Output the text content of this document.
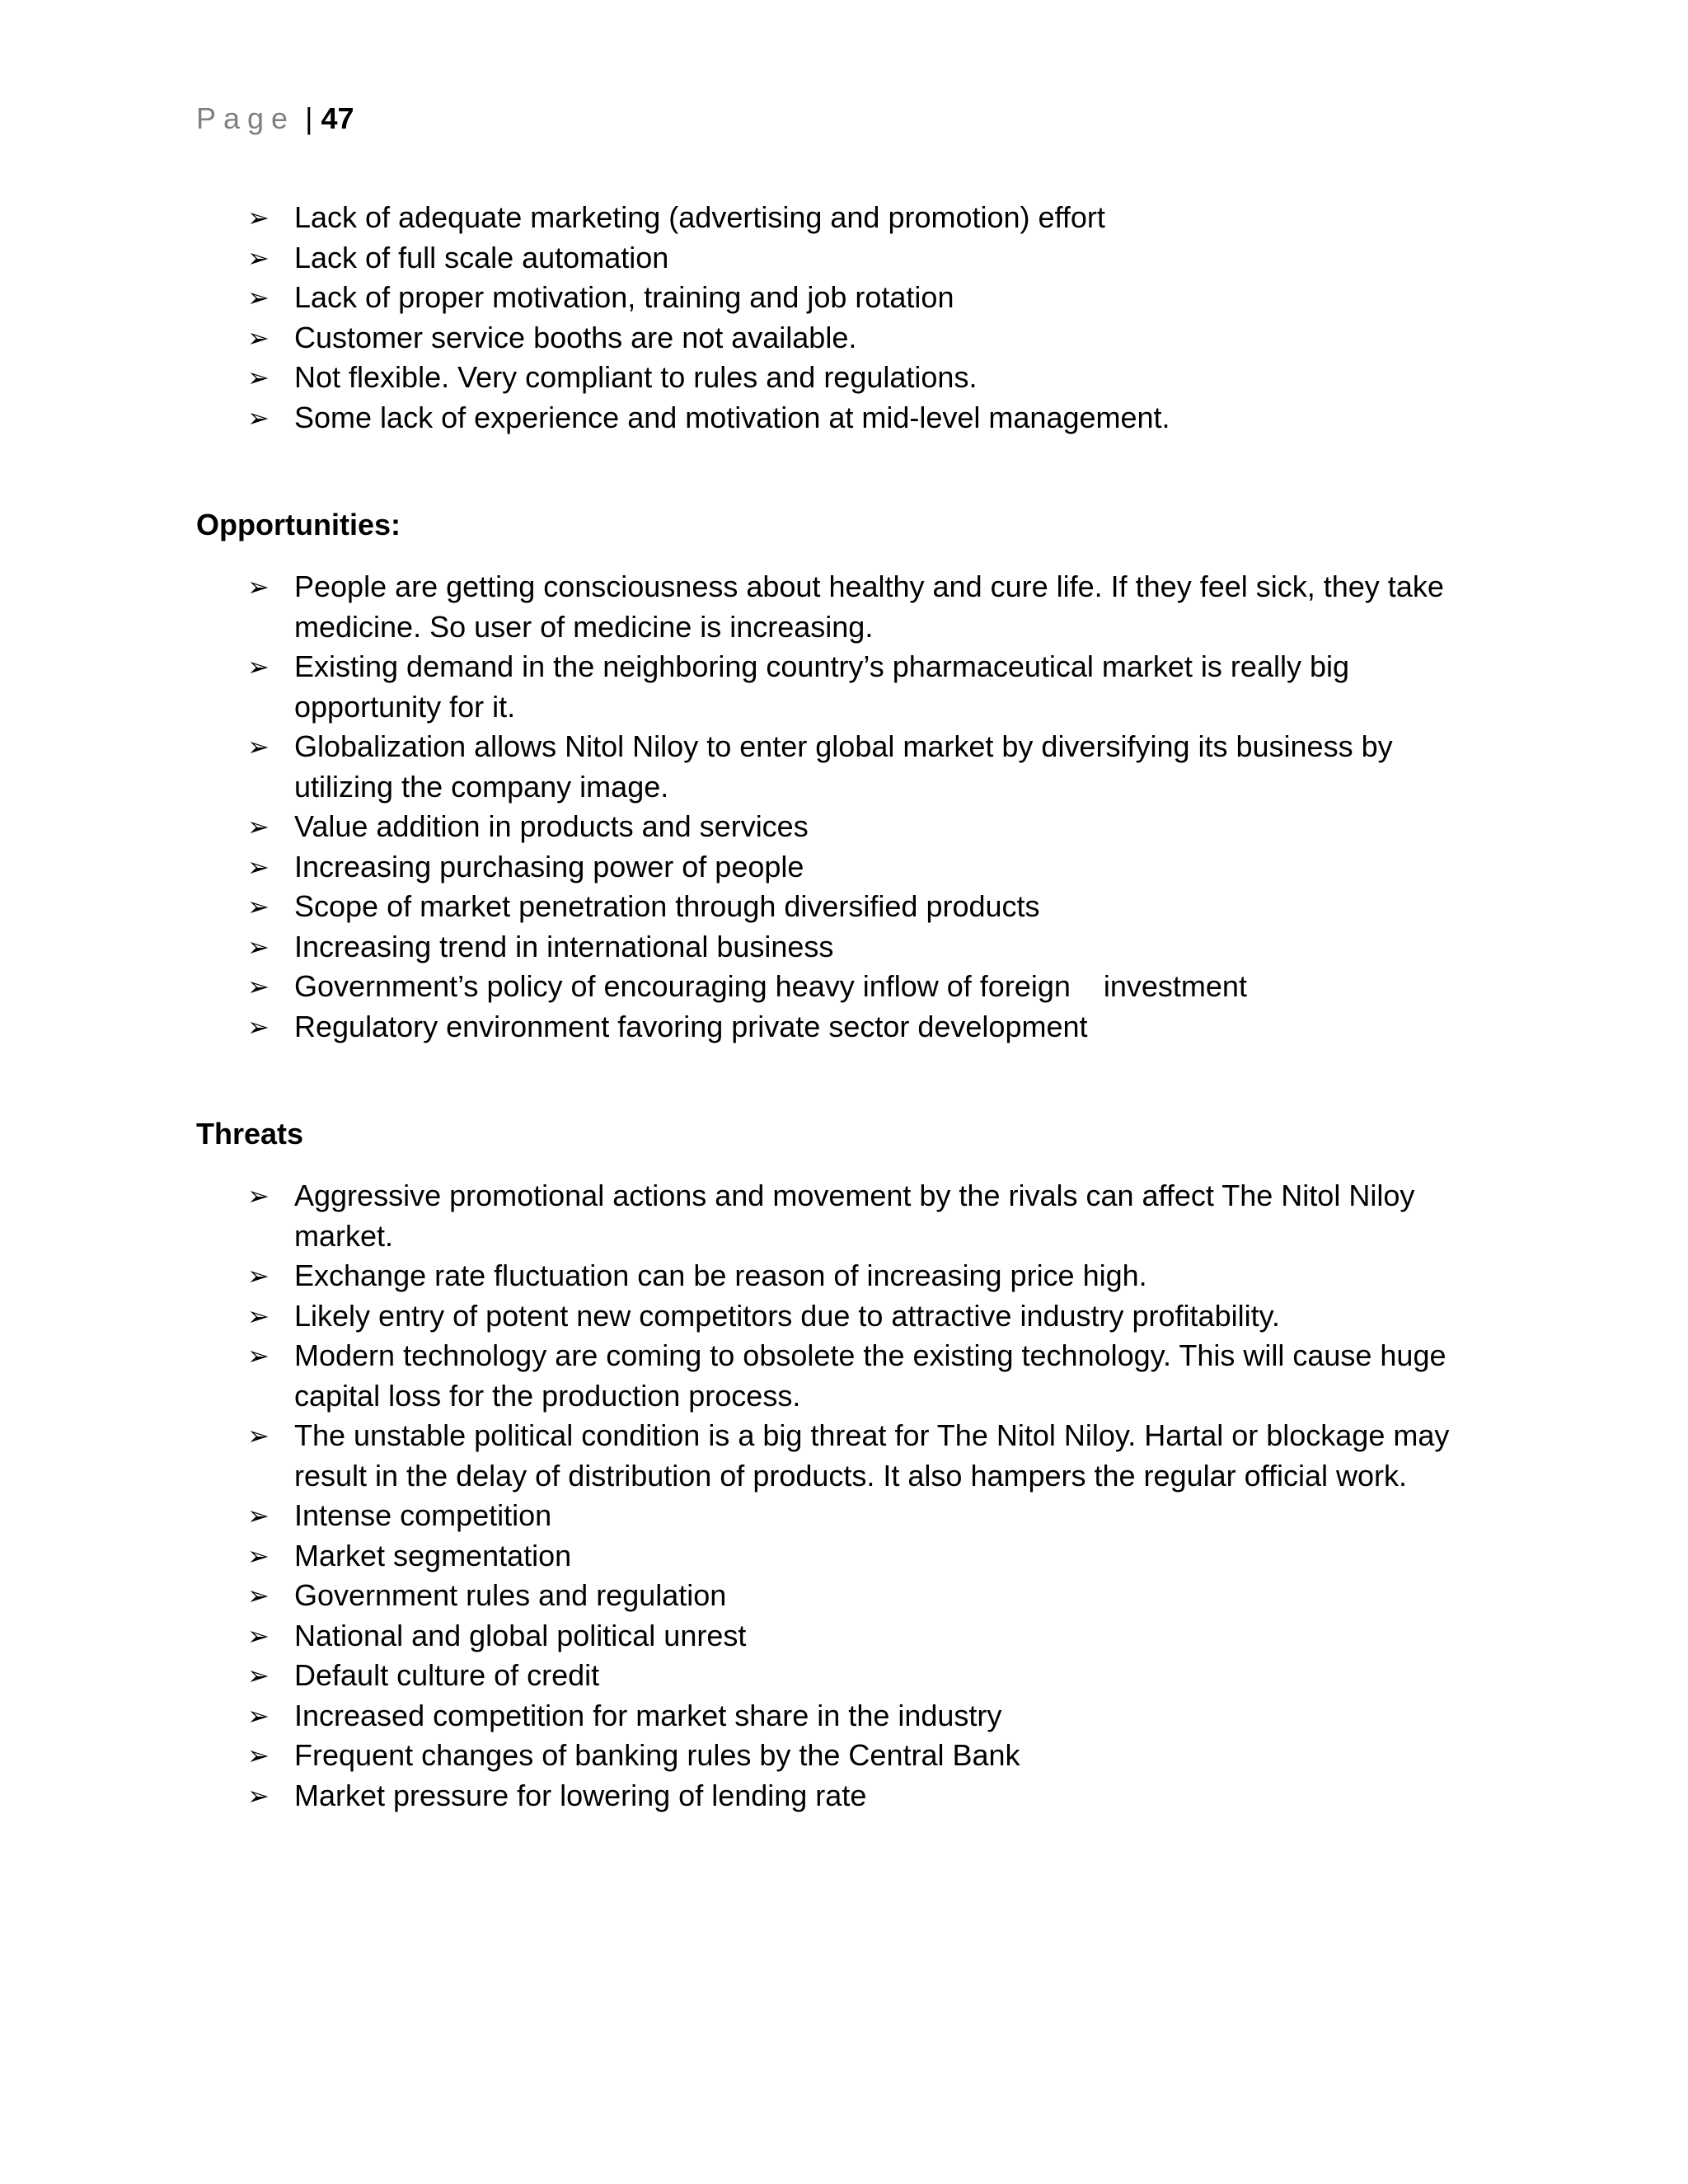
Page | 47
➢ Lack of adequate marketing (advertising and promotion) effort
➢ Lack of full scale automation
➢ Lack of proper motivation, training and job rotation
➢ Customer service booths are not available.
➢ Not flexible. Very compliant to rules and regulations.
➢ Some lack of experience and motivation at mid-level management.
Opportunities:
➢ People are getting consciousness about healthy and cure life. If they feel sick, they take medicine. So user of medicine is increasing.
➢ Existing demand in the neighboring country’s pharmaceutical market is really big opportunity for it.
➢ Globalization allows Nitol Niloy to enter global market by diversifying its business by utilizing the company image.
➢ Value addition in products and services
➢ Increasing purchasing power of people
➢ Scope of market penetration through diversified products
➢ Increasing trend in international business
➢ Government’s policy of encouraging heavy inflow of foreign    investment
➢ Regulatory environment favoring private sector development
Threats
➢ Aggressive promotional actions and movement by the rivals can affect The Nitol Niloy market.
➢ Exchange rate fluctuation can be reason of increasing price high.
➢ Likely entry of potent new competitors due to attractive industry profitability.
➢ Modern technology are coming to obsolete the existing technology. This will cause huge capital loss for the production process.
➢ The unstable political condition is a big threat for The Nitol Niloy. Hartal or blockage may result in the delay of distribution of products. It also hampers the regular official work.
➢ Intense competition
➢ Market segmentation
➢ Government rules and regulation
➢ National and global political unrest
➢ Default culture of credit
➢ Increased competition for market share in the industry
➢ Frequent changes of banking rules by the Central Bank
➢ Market pressure for lowering of lending rate
